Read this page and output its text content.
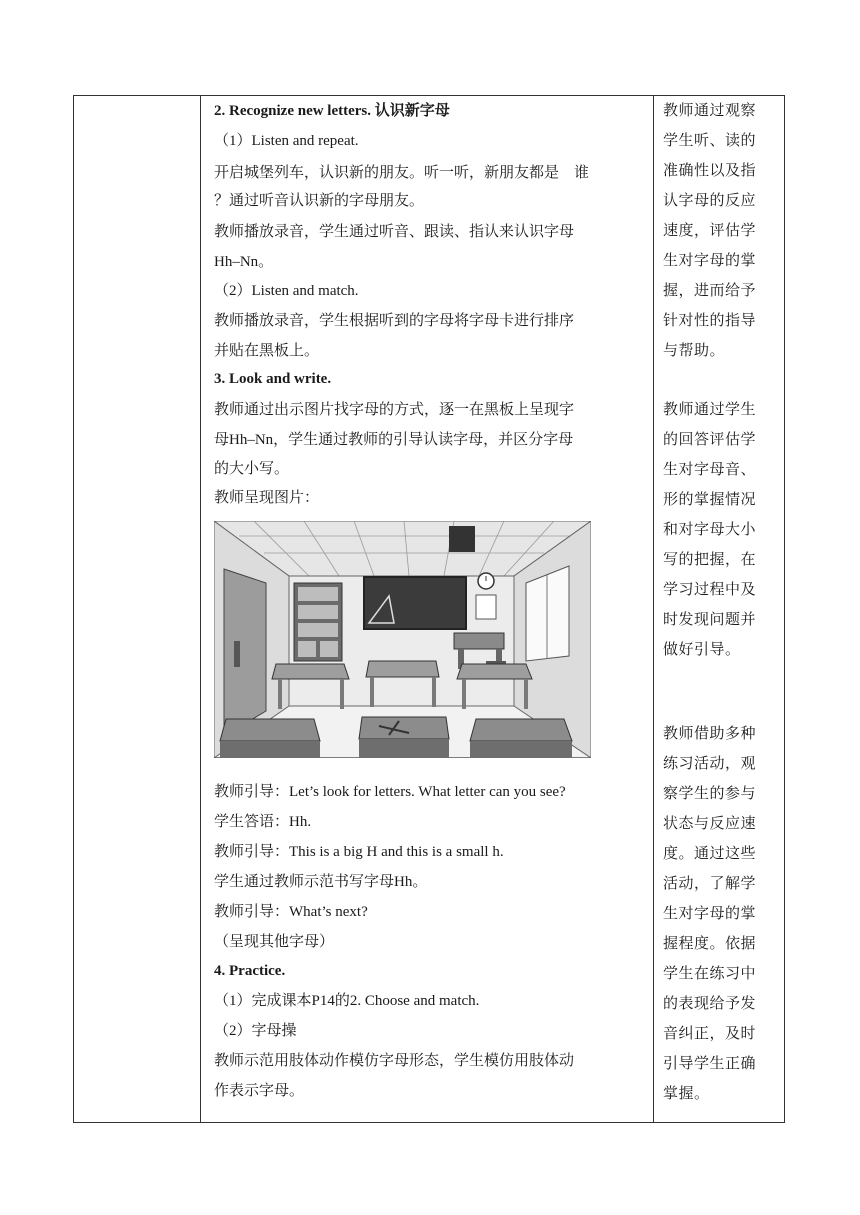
2. Recognize new letters. 认识新字母
（1）Listen and repeat.
开启城堡列车，认识新的朋友。听一听，新朋友都是　谁
？通过听音认识新的字母朋友。
教师播放录音，学生通过听音、跟读、指认来认识字母
Hh–Nn。
（2）Listen and match.
教师播放录音，学生根据听到的字母将字母卡进行排序
并贴在黑板上。
3. Look and write.
教师通过出示图片找字母的方式，逐一在黑板上呈现字
母Hh–Nn，学生通过教师的引导认读字母，并区分字母
的大小写。
教师呈现图片：
教师引导：Let’s look for letters. What letter can you see?
学生答语：Hh.
教师引导：This is a big H and this is a small h.
学生通过教师示范书写字母Hh。
教师引导：What’s next?
（呈现其他字母）
4. Practice.
（1）完成课本P14的2. Choose and match.
（2）字母操
教师示范用肢体动作模仿字母形态，学生模仿用肢体动
作表示字母。
教师通过观察
学生听、读的
准确性以及指
认字母的反应
速度，评估学
生对字母的掌
握，进而给予
针对性的指导
与帮助。
教师通过学生
的回答评估学
生对字母音、
形的掌握情况
和对字母大小
写的把握，在
学习过程中及
时发现问题并
做好引导。
教师借助多种
练习活动，观
察学生的参与
状态与反应速
度。通过这些
活动，了解学
生对字母的掌
握程度。依据
学生在练习中
的表现给予发
音纠正，及时
引导学生正确
掌握。
